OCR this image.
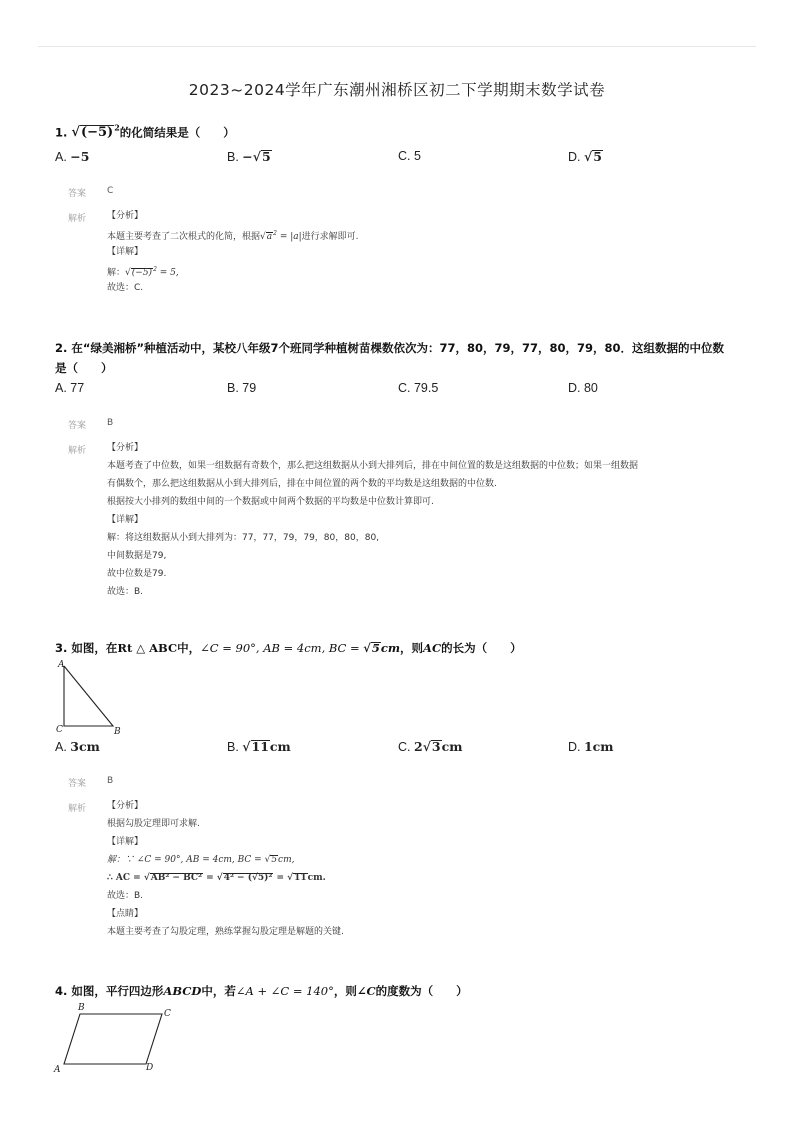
2023~2024学年广东潮州湘桥区初二下学期期末数学试卷
1. $√(-5)^2$的化简结果是（　　）
A. −5	B. −√5	C. 5	D. √5
答案 C
解析 【分析】
本题主要考查了二次根式的化简，根据$√a^2 = |a|$进行求解即可.
【详解】
解：$√(-5)^2 = 5$,
故选：C.
2. 在“绿美湘桥”种植活动中，某校八年级7个班同学种植树苗棵数依次为：77，80，79，77，80，79，80．这组数据的中位数
是（　　）
A. 77	B. 79	C. 79.5	D. 80
答案 B
解析 【分析】
本题考查了中位数，如果一组数据有奇数个，那么把这组数据从小到大排列后，排在中间位置的数是这组数据的中位数；如果一组数据
有偶数个，那么把这组数据从小到大排列后，排在中间位置的两个数的平均数是这组数据的中位数.
根据按大小排列的数组中间的一个数据或中间两个数据的平均数是中位数计算即可.
【详解】
解：将这组数据从小到大排列为：77，77，79，79，80，80，80,
中间数据是79,
故中位数是79.
故选：B.
3. 如图，在Rt △ ABC中，∠C = 90°, AB = 4cm, BC = √5cm，则AC的长为（　　）
A
C	B
A. 3cm	B. √11cm	C. 2√3cm	D. 1cm
答案 B
解析 【分析】
根据勾股定理即可求解.
【详解】
解：∵ ∠C = 90°, AB = 4cm, BC = √5cm,
∴ AC = √AB² − BC² = √4² − (√5)² = √11cm.
故选：B.
【点睛】
本题主要考查了勾股定理，熟练掌握勾股定理是解题的关键.
4. 如图，平行四边形ABCD中，若∠A + ∠C = 140°，则∠C的度数为（　　）
B
C
A	D
